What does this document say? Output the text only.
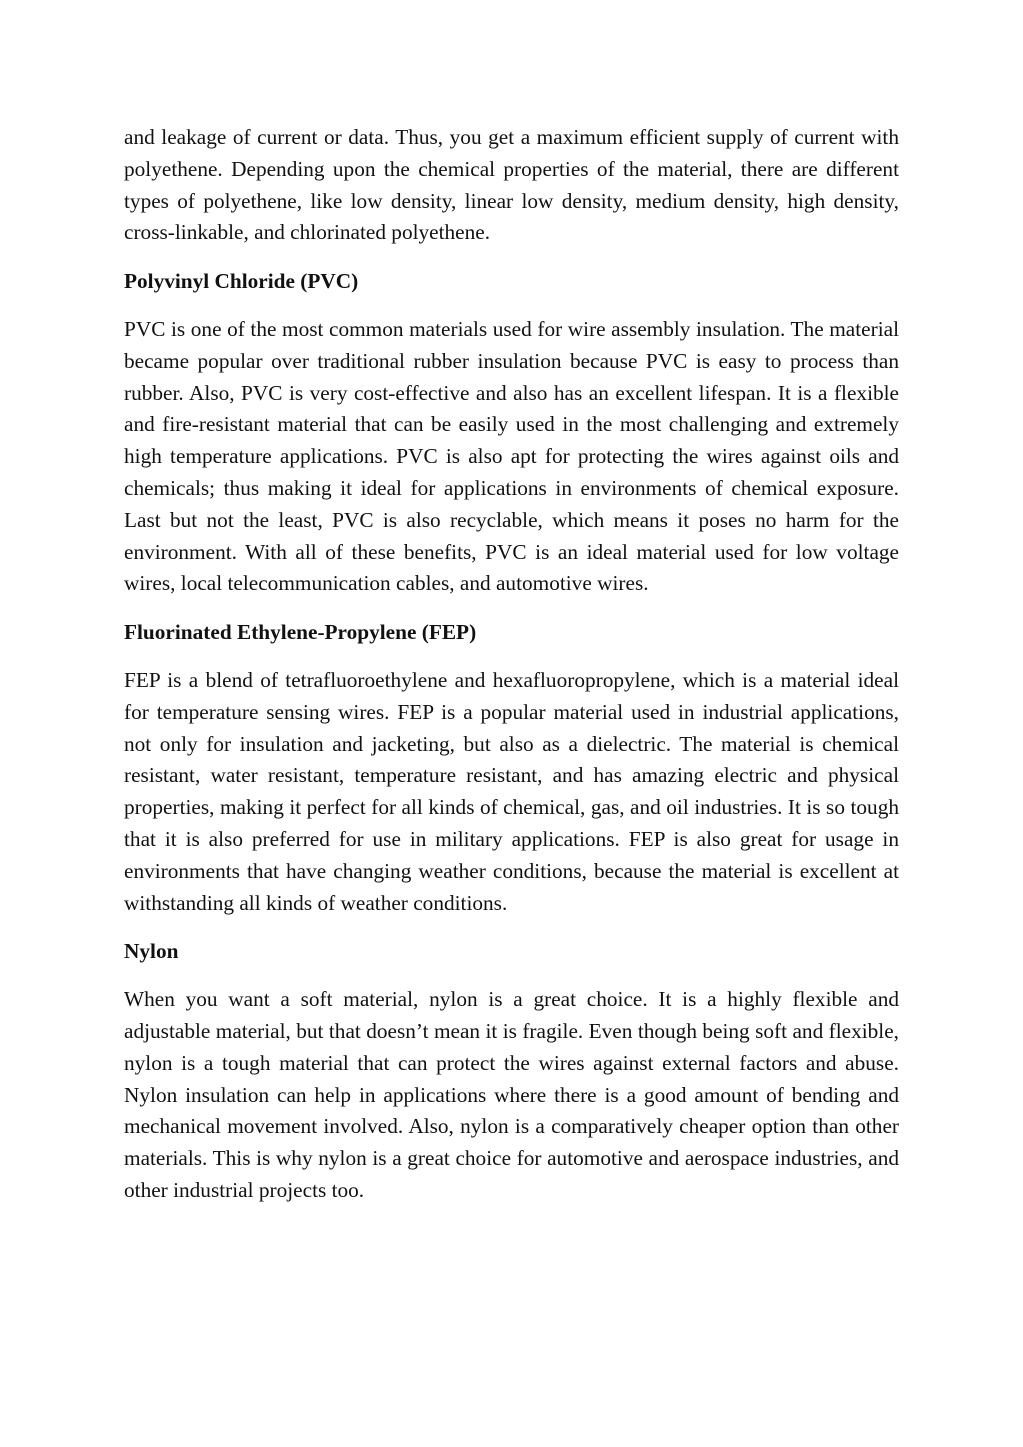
and leakage of current or data. Thus, you get a maximum efficient supply of current with polyethene. Depending upon the chemical properties of the material, there are different types of polyethene, like low density, linear low density, medium density, high density, cross-linkable, and chlorinated polyethene.

Polyvinyl Chloride (PVC)

PVC is one of the most common materials used for wire assembly insulation. The material became popular over traditional rubber insulation because PVC is easy to process than rubber. Also, PVC is very cost-effective and also has an excellent lifespan. It is a flexible and fire-resistant material that can be easily used in the most challenging and extremely high temperature applications. PVC is also apt for protecting the wires against oils and chemicals; thus making it ideal for applications in environments of chemical exposure. Last but not the least, PVC is also recyclable, which means it poses no harm for the environment. With all of these benefits, PVC is an ideal material used for low voltage wires, local telecommunication cables, and automotive wires.

Fluorinated Ethylene-Propylene (FEP)

FEP is a blend of tetrafluoroethylene and hexafluoropropylene, which is a material ideal for temperature sensing wires. FEP is a popular material used in industrial applications, not only for insulation and jacketing, but also as a dielectric. The material is chemical resistant, water resistant, temperature resistant, and has amazing electric and physical properties, making it perfect for all kinds of chemical, gas, and oil industries. It is so tough that it is also preferred for use in military applications. FEP is also great for usage in environments that have changing weather conditions, because the material is excellent at withstanding all kinds of weather conditions.

Nylon

When you want a soft material, nylon is a great choice. It is a highly flexible and adjustable material, but that doesn’t mean it is fragile. Even though being soft and flexible, nylon is a tough material that can protect the wires against external factors and abuse. Nylon insulation can help in applications where there is a good amount of bending and mechanical movement involved. Also, nylon is a comparatively cheaper option than other materials. This is why nylon is a great choice for automotive and aerospace industries, and other industrial projects too.
